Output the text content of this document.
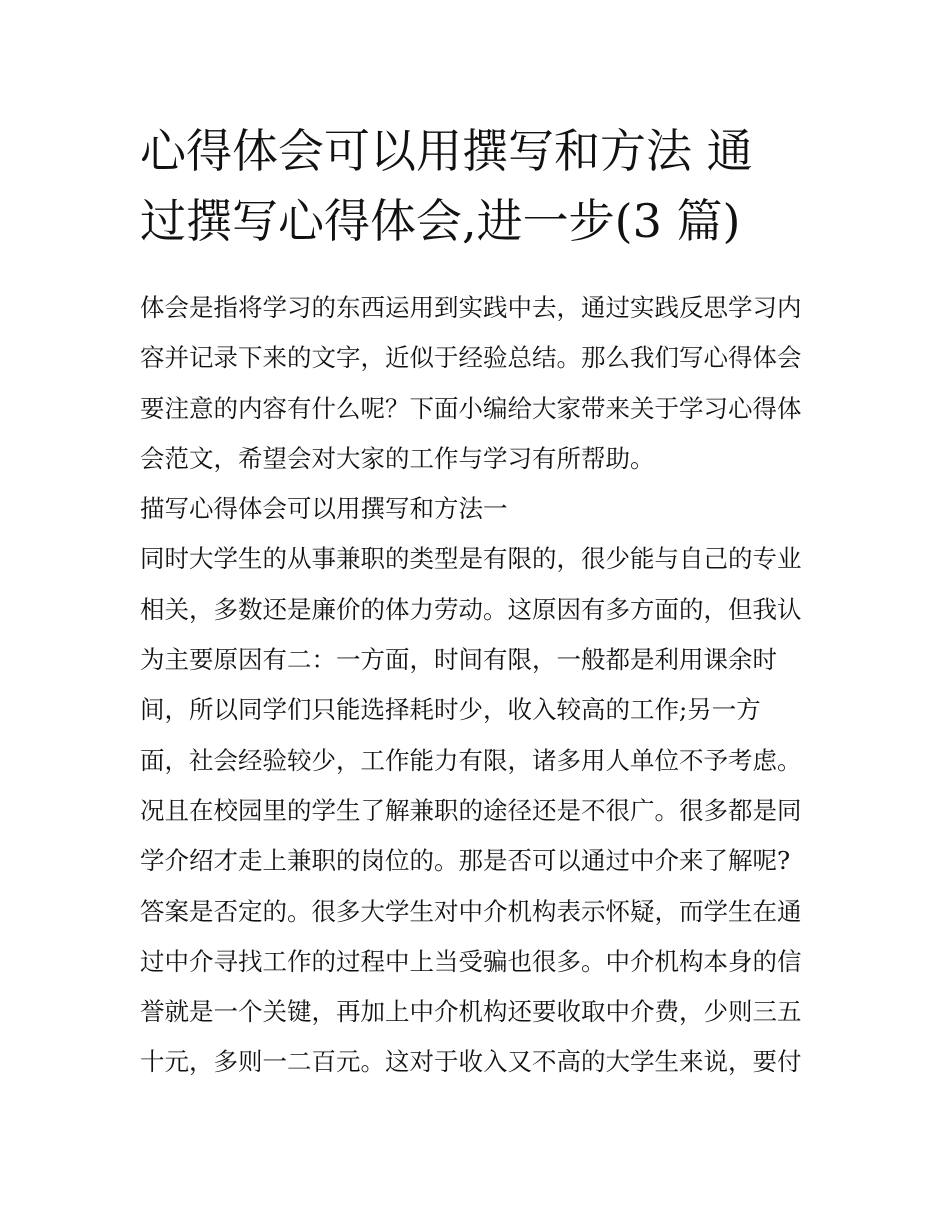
心得体会可以用撰写和方法 通
过撰写心得体会,进一步(3 篇)
体会是指将学习的东西运用到实践中去，通过实践反思学习内
容并记录下来的文字，近似于经验总结。那么我们写心得体会
要注意的内容有什么呢？下面小编给大家带来关于学习心得体
会范文，希望会对大家的工作与学习有所帮助。
描写心得体会可以用撰写和方法一
同时大学生的从事兼职的类型是有限的，很少能与自己的专业
相关，多数还是廉价的体力劳动。这原因有多方面的，但我认
为主要原因有二：一方面，时间有限，一般都是利用课余时
间，所以同学们只能选择耗时少，收入较高的工作;另一方
面，社会经验较少，工作能力有限，诸多用人单位不予考虑。
况且在校园里的学生了解兼职的途径还是不很广。很多都是同
学介绍才走上兼职的岗位的。那是否可以通过中介来了解呢?
答案是否定的。很多大学生对中介机构表示怀疑，而学生在通
过中介寻找工作的过程中上当受骗也很多。中介机构本身的信
誉就是一个关键，再加上中介机构还要收取中介费，少则三五
十元，多则一二百元。这对于收入又不高的大学生来说，要付
